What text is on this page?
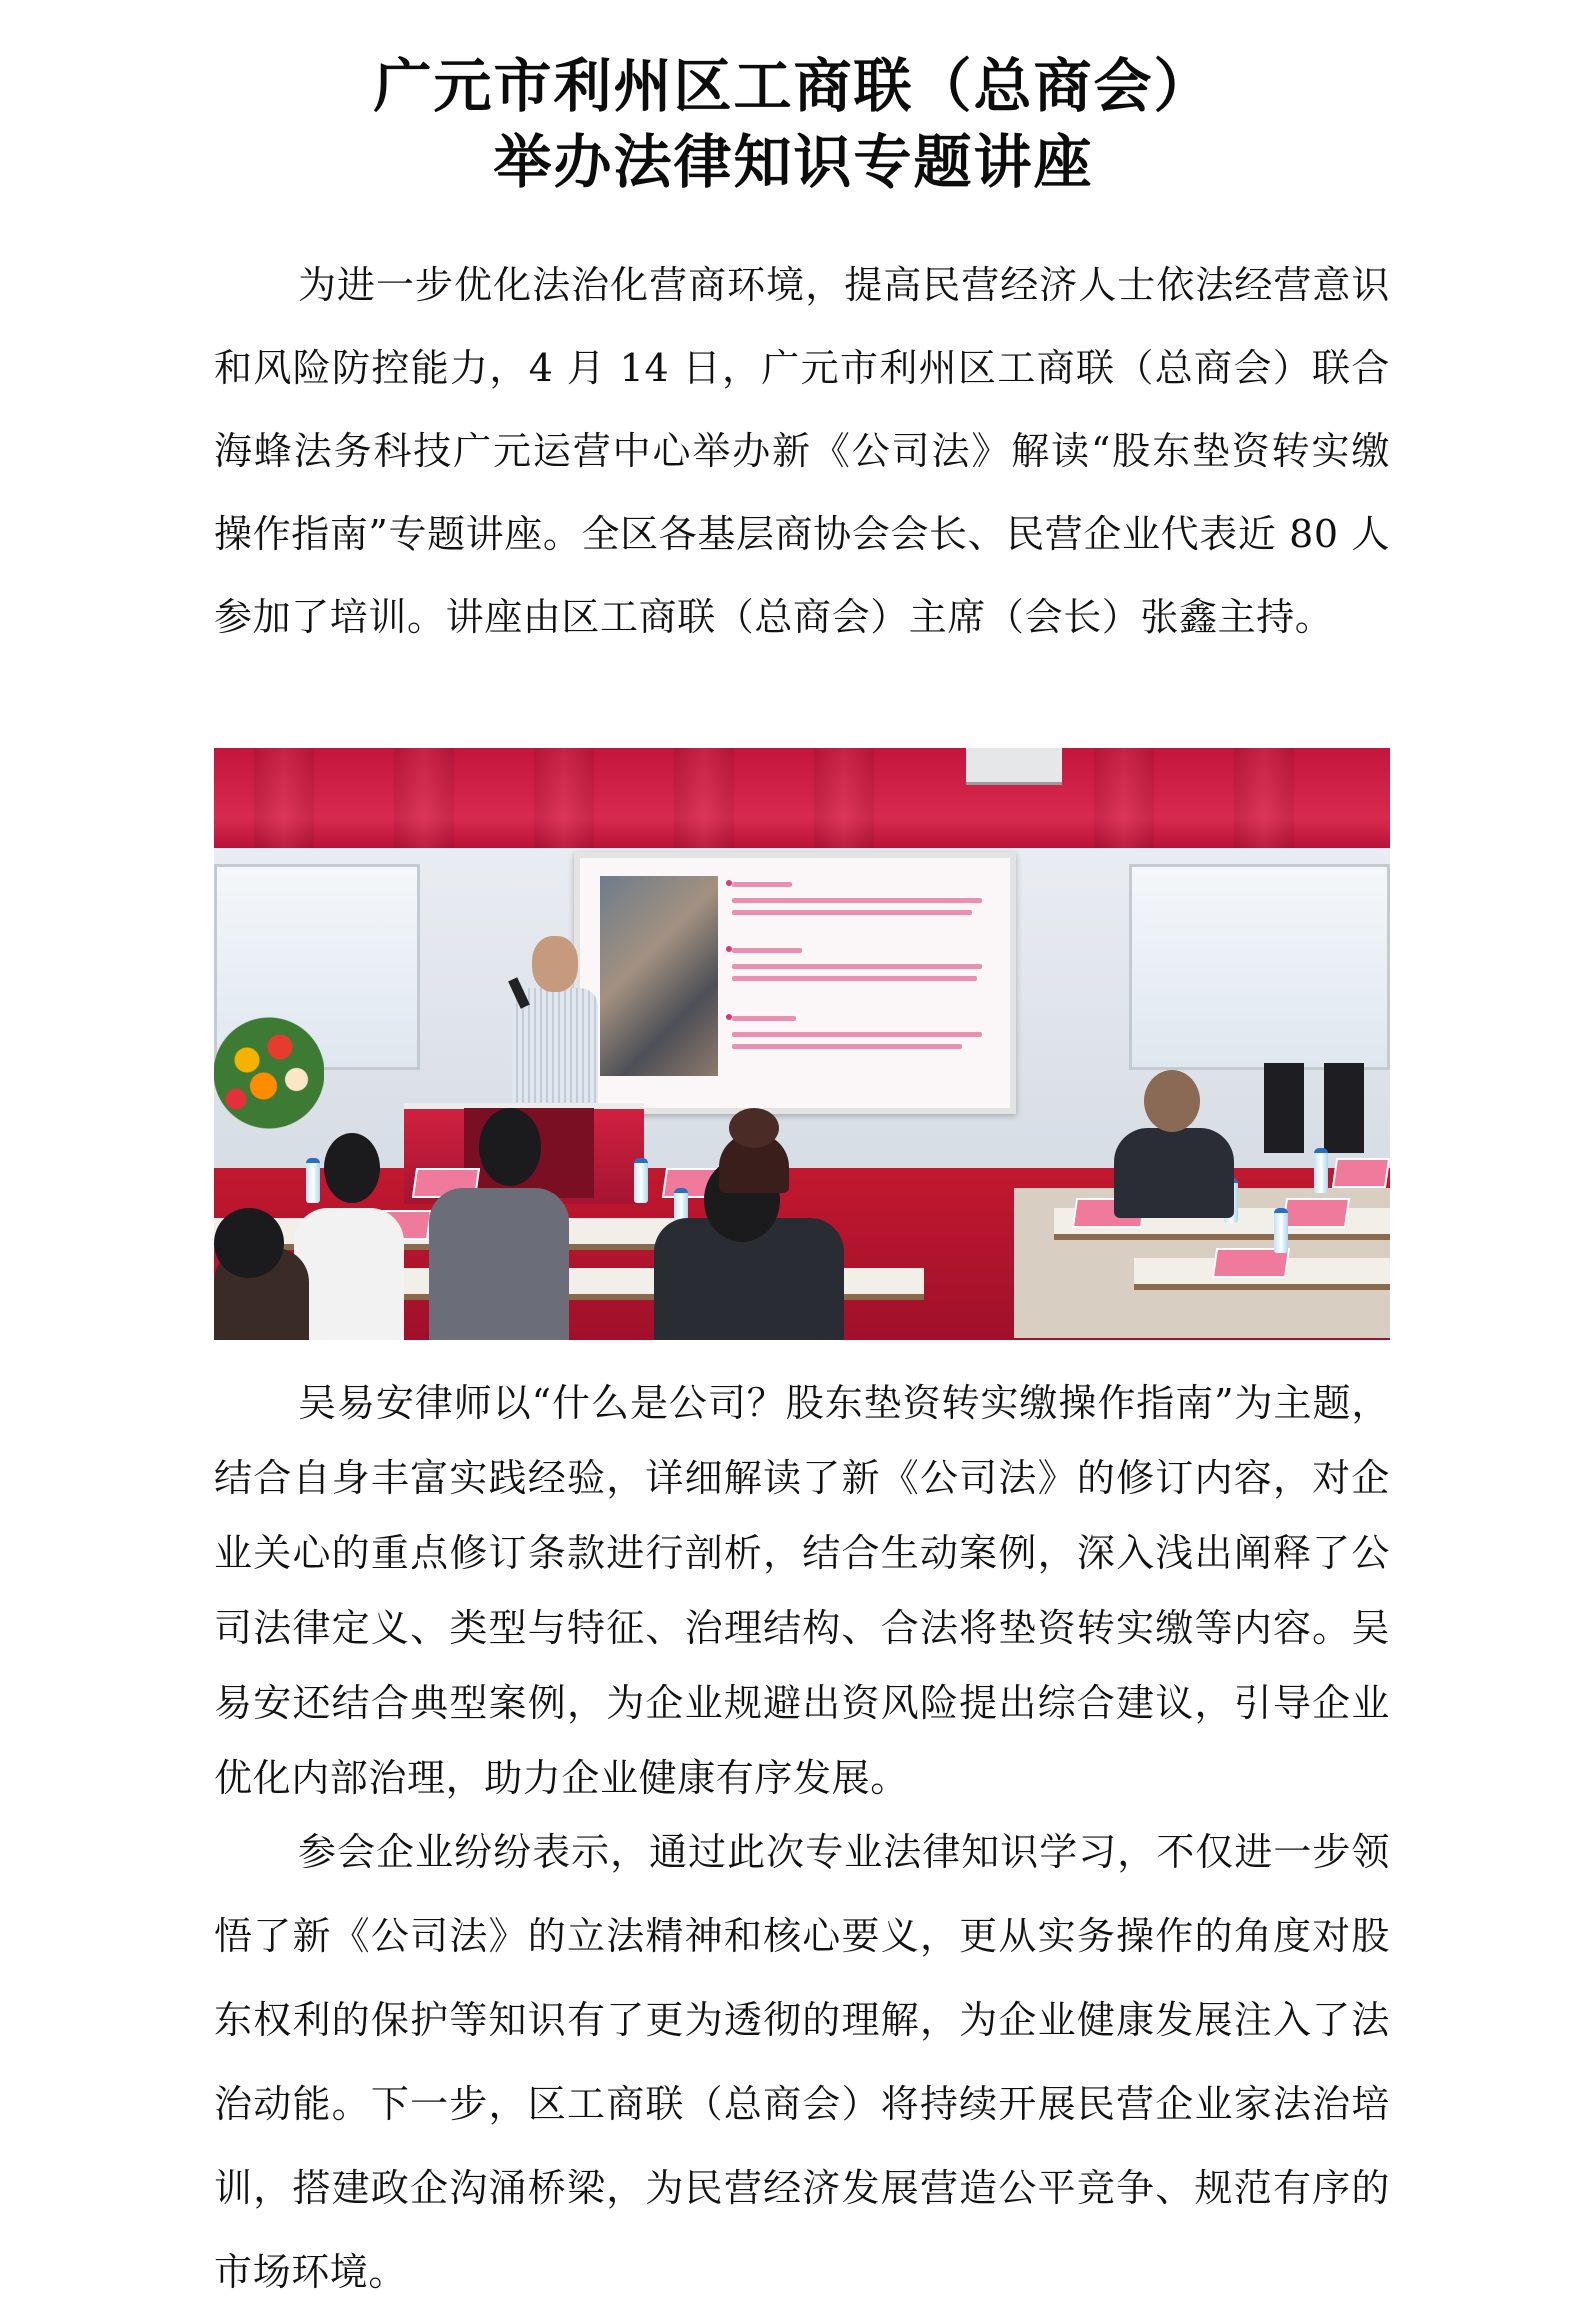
广元市利州区工商联（总商会）
举办法律知识专题讲座

为进一步优化法治化营商环境，提高民营经济人士依法经营意识和风险防控能力，4 月 14 日，广元市利州区工商联（总商会）联合海蜂法务科技广元运营中心举办新《公司法》解读“股东垫资转实缴操作指南”专题讲座。全区各基层商协会会长、民营企业代表近 80 人参加了培训。讲座由区工商联（总商会）主席（会长）张鑫主持。

吴易安律师以“什么是公司？股东垫资转实缴操作指南”为主题，结合自身丰富实践经验，详细解读了新《公司法》的修订内容，对企业关心的重点修订条款进行剖析，结合生动案例，深入浅出阐释了公司法律定义、类型与特征、治理结构、合法将垫资转实缴等内容。吴易安还结合典型案例，为企业规避出资风险提出综合建议，引导企业优化内部治理，助力企业健康有序发展。

参会企业纷纷表示，通过此次专业法律知识学习，不仅进一步领悟了新《公司法》的立法精神和核心要义，更从实务操作的角度对股东权利的保护等知识有了更为透彻的理解，为企业健康发展注入了法治动能。下一步，区工商联（总商会）将持续开展民营企业家法治培训，搭建政企沟涌桥梁，为民营经济发展营造公平竞争、规范有序的市场环境。
